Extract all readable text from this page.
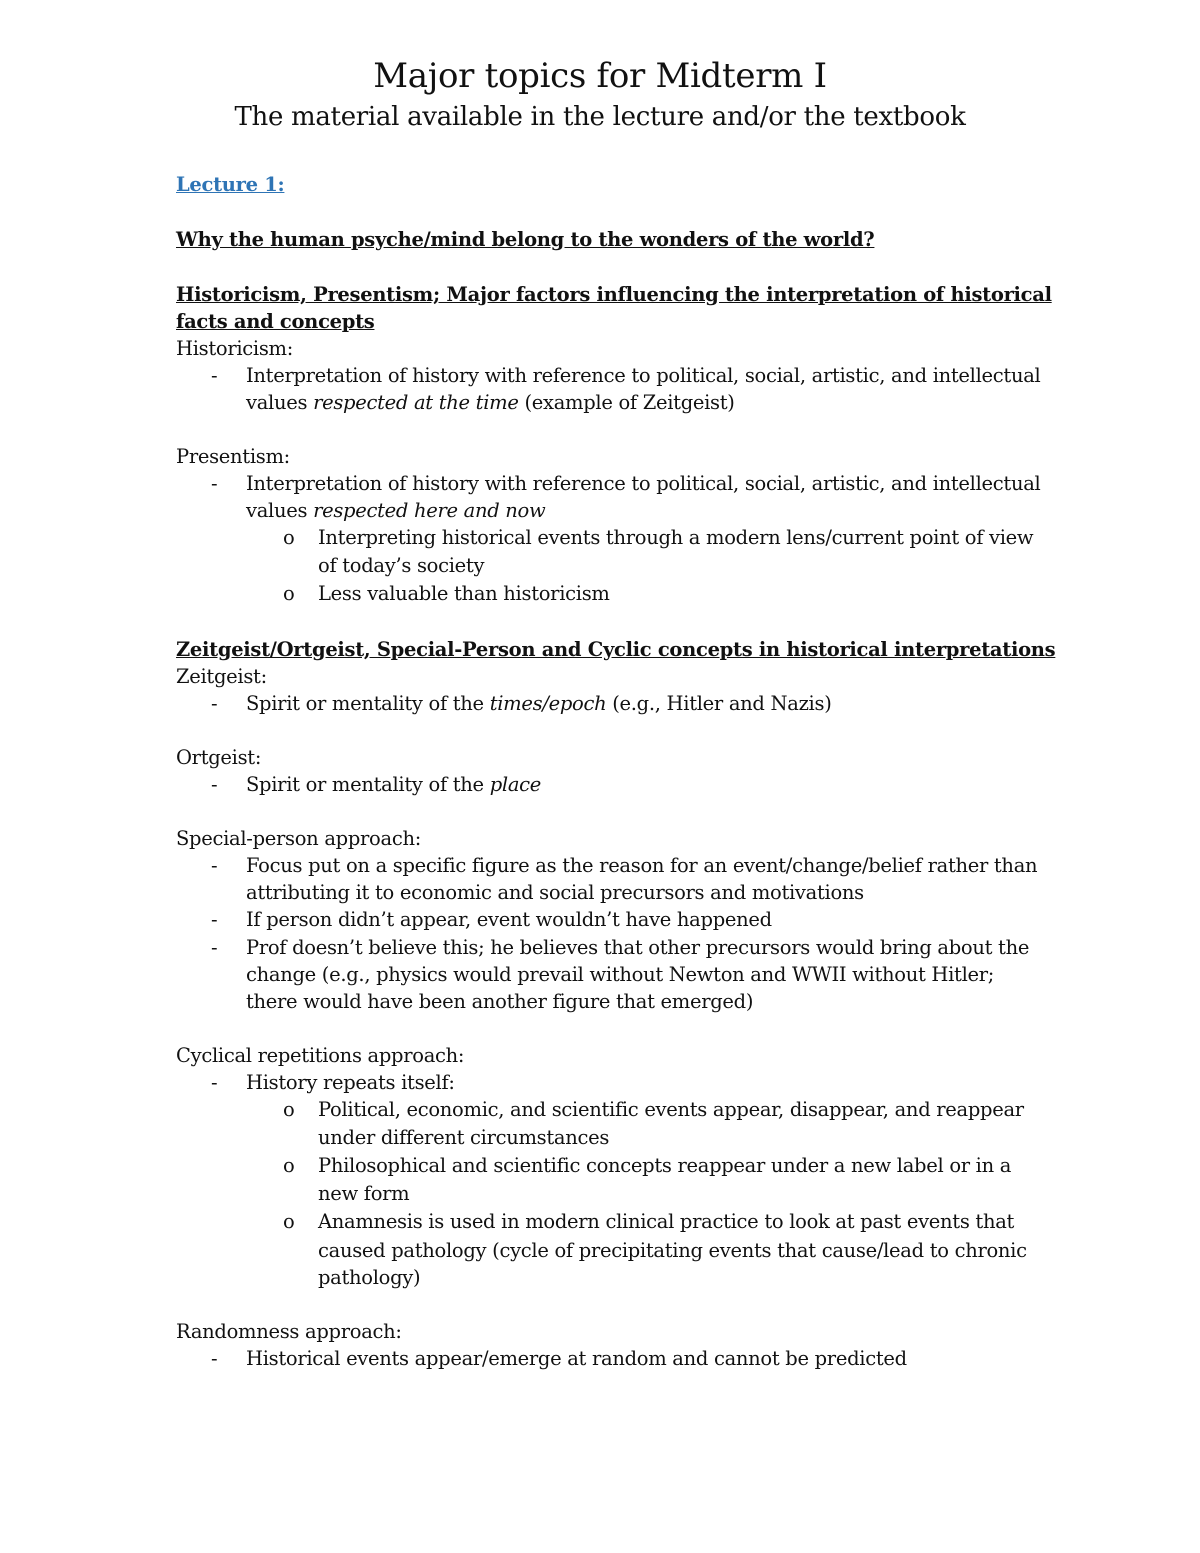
Major topics for Midterm I
The material available in the lecture and/or the textbook
Lecture 1:
Why the human psyche/mind belong to the wonders of the world?
Historicism, Presentism; Major factors influencing the interpretation of historical
facts and concepts
Historicism:
- Interpretation of history with reference to political, social, artistic, and intellectual
values respected at the time (example of Zeitgeist)
Presentism:
- Interpretation of history with reference to political, social, artistic, and intellectual
values respected here and now
o Interpreting historical events through a modern lens/current point of view
of today’s society
o Less valuable than historicism
Zeitgeist/Ortgeist, Special-Person and Cyclic concepts in historical interpretations
Zeitgeist:
- Spirit or mentality of the times/epoch (e.g., Hitler and Nazis)
Ortgeist:
- Spirit or mentality of the place
Special-person approach:
- Focus put on a specific figure as the reason for an event/change/belief rather than
attributing it to economic and social precursors and motivations
- If person didn’t appear, event wouldn’t have happened
- Prof doesn’t believe this; he believes that other precursors would bring about the
change (e.g., physics would prevail without Newton and WWII without Hitler;
there would have been another figure that emerged)
Cyclical repetitions approach:
- History repeats itself:
o Political, economic, and scientific events appear, disappear, and reappear
under different circumstances
o Philosophical and scientific concepts reappear under a new label or in a
new form
o Anamnesis is used in modern clinical practice to look at past events that
caused pathology (cycle of precipitating events that cause/lead to chronic
pathology)
Randomness approach:
- Historical events appear/emerge at random and cannot be predicted
